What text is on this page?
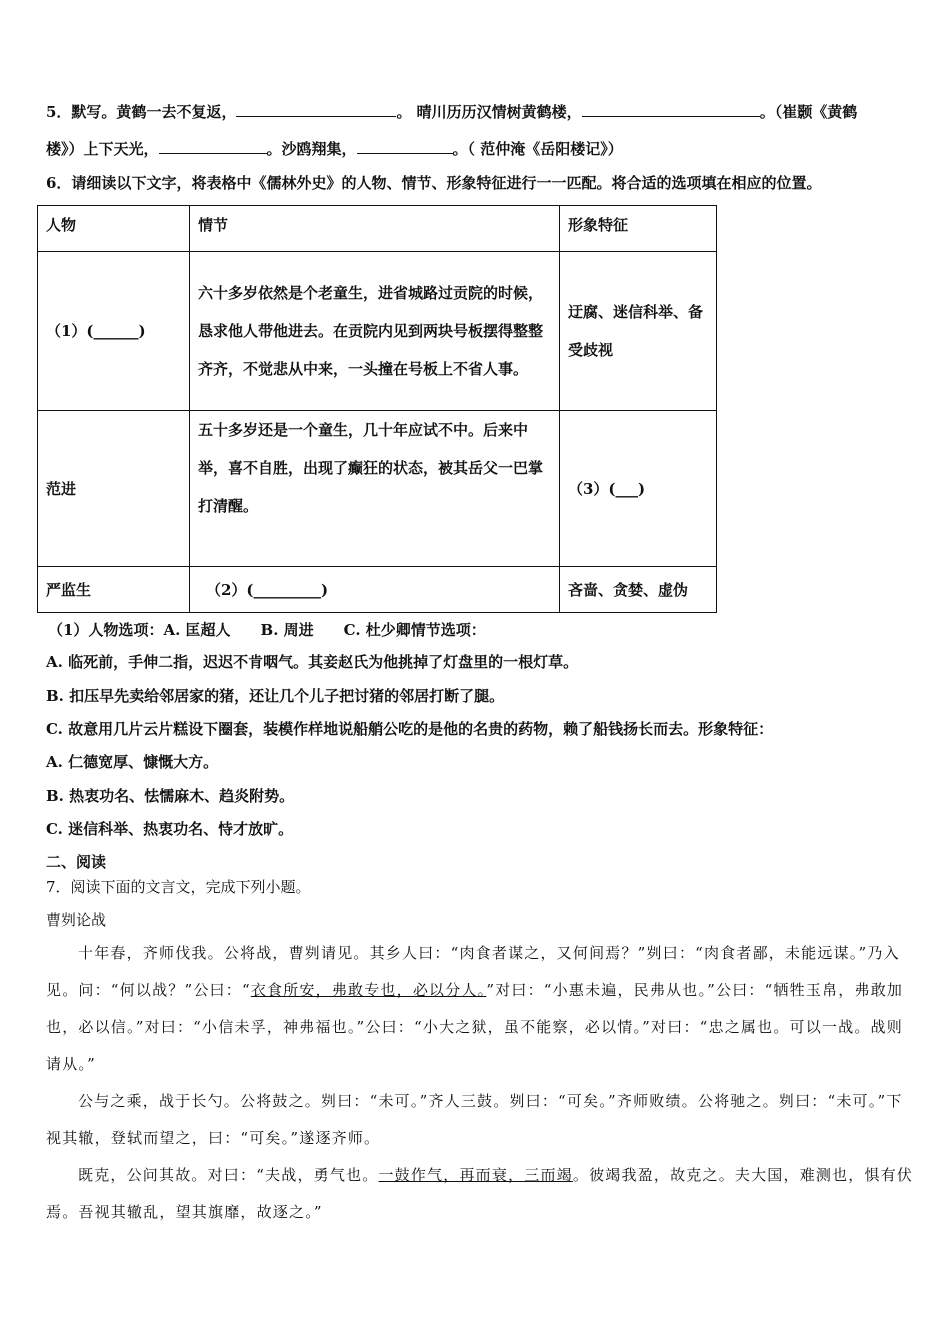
5．默写。黄鹤一去不复返，	。 晴川历历汉情树黄鹤楼，	。（崔颢《黄鹤
楼》）上下天光，	。沙鸥翔集，	。（ 范仲淹《岳阳楼记》）
6．请细读以下文字，将表格中《儒林外史》的人物、情节、形象特征进行一一匹配。将合适的选项填在相应的位置。
人物	情节	形象特征
（1）(______)	六十多岁依然是个老童生，进省城路过贡院的时候，恳求他人带他进去。在贡院内见到两块号板摆得整整齐齐，不觉悲从中来，一头撞在号板上不省人事。	迂腐、迷信科举、备受歧视
范进	五十多岁还是一个童生，几十年应试不中。后来中举，喜不自胜，出现了癫狂的状态，被其岳父一巴掌打清醒。	（3）(___)
严监生	（2）(_________)	吝啬、贪婪、虚伪
（1）人物选项：A. 匡超人　　B. 周进　　C. 杜少卿情节选项：
A. 临死前，手伸二指，迟迟不肯咽气。其妾赵氏为他挑掉了灯盘里的一根灯草。
B. 扣压早先卖给邻居家的猪，还让几个儿子把讨猪的邻居打断了腿。
C. 故意用几片云片糕设下圈套，装模作样地说船艄公吃的是他的名贵的药物，赖了船钱扬长而去。形象特征：
A. 仁德宽厚、慷慨大方。
B. 热衷功名、怯懦麻木、趋炎附势。
C. 迷信科举、热衷功名、恃才放旷。
二、阅读
7．阅读下面的文言文，完成下列小题。
曹刿论战
十年春，齐师伐我。公将战，曹刿请见。其乡人曰：“肉食者谋之，又何间焉？”刿曰：“肉食者鄙，未能远谋。”乃入见。问：“何以战？”公曰：“衣食所安，弗敢专也，必以分人。”对曰：“小惠未遍，民弗从也。”公曰：“牺牲玉帛，弗敢加也，必以信。”对曰：“小信未孚，神弗福也。”公曰：“小大之狱，虽不能察，必以情。”对曰：“忠之属也。可以一战。战则请从。”
公与之乘，战于长勺。公将鼓之。刿曰：“未可。”齐人三鼓。刿曰：“可矣。”齐师败绩。公将驰之。刿曰：“未可。”下视其辙，登轼而望之，曰：“可矣。”遂逐齐师。
既克，公问其故。对曰：“夫战，勇气也。一鼓作气，再而衰，三而竭。彼竭我盈，故克之。夫大国，难测也，惧有伏焉。吾视其辙乱，望其旗靡，故逐之。”
